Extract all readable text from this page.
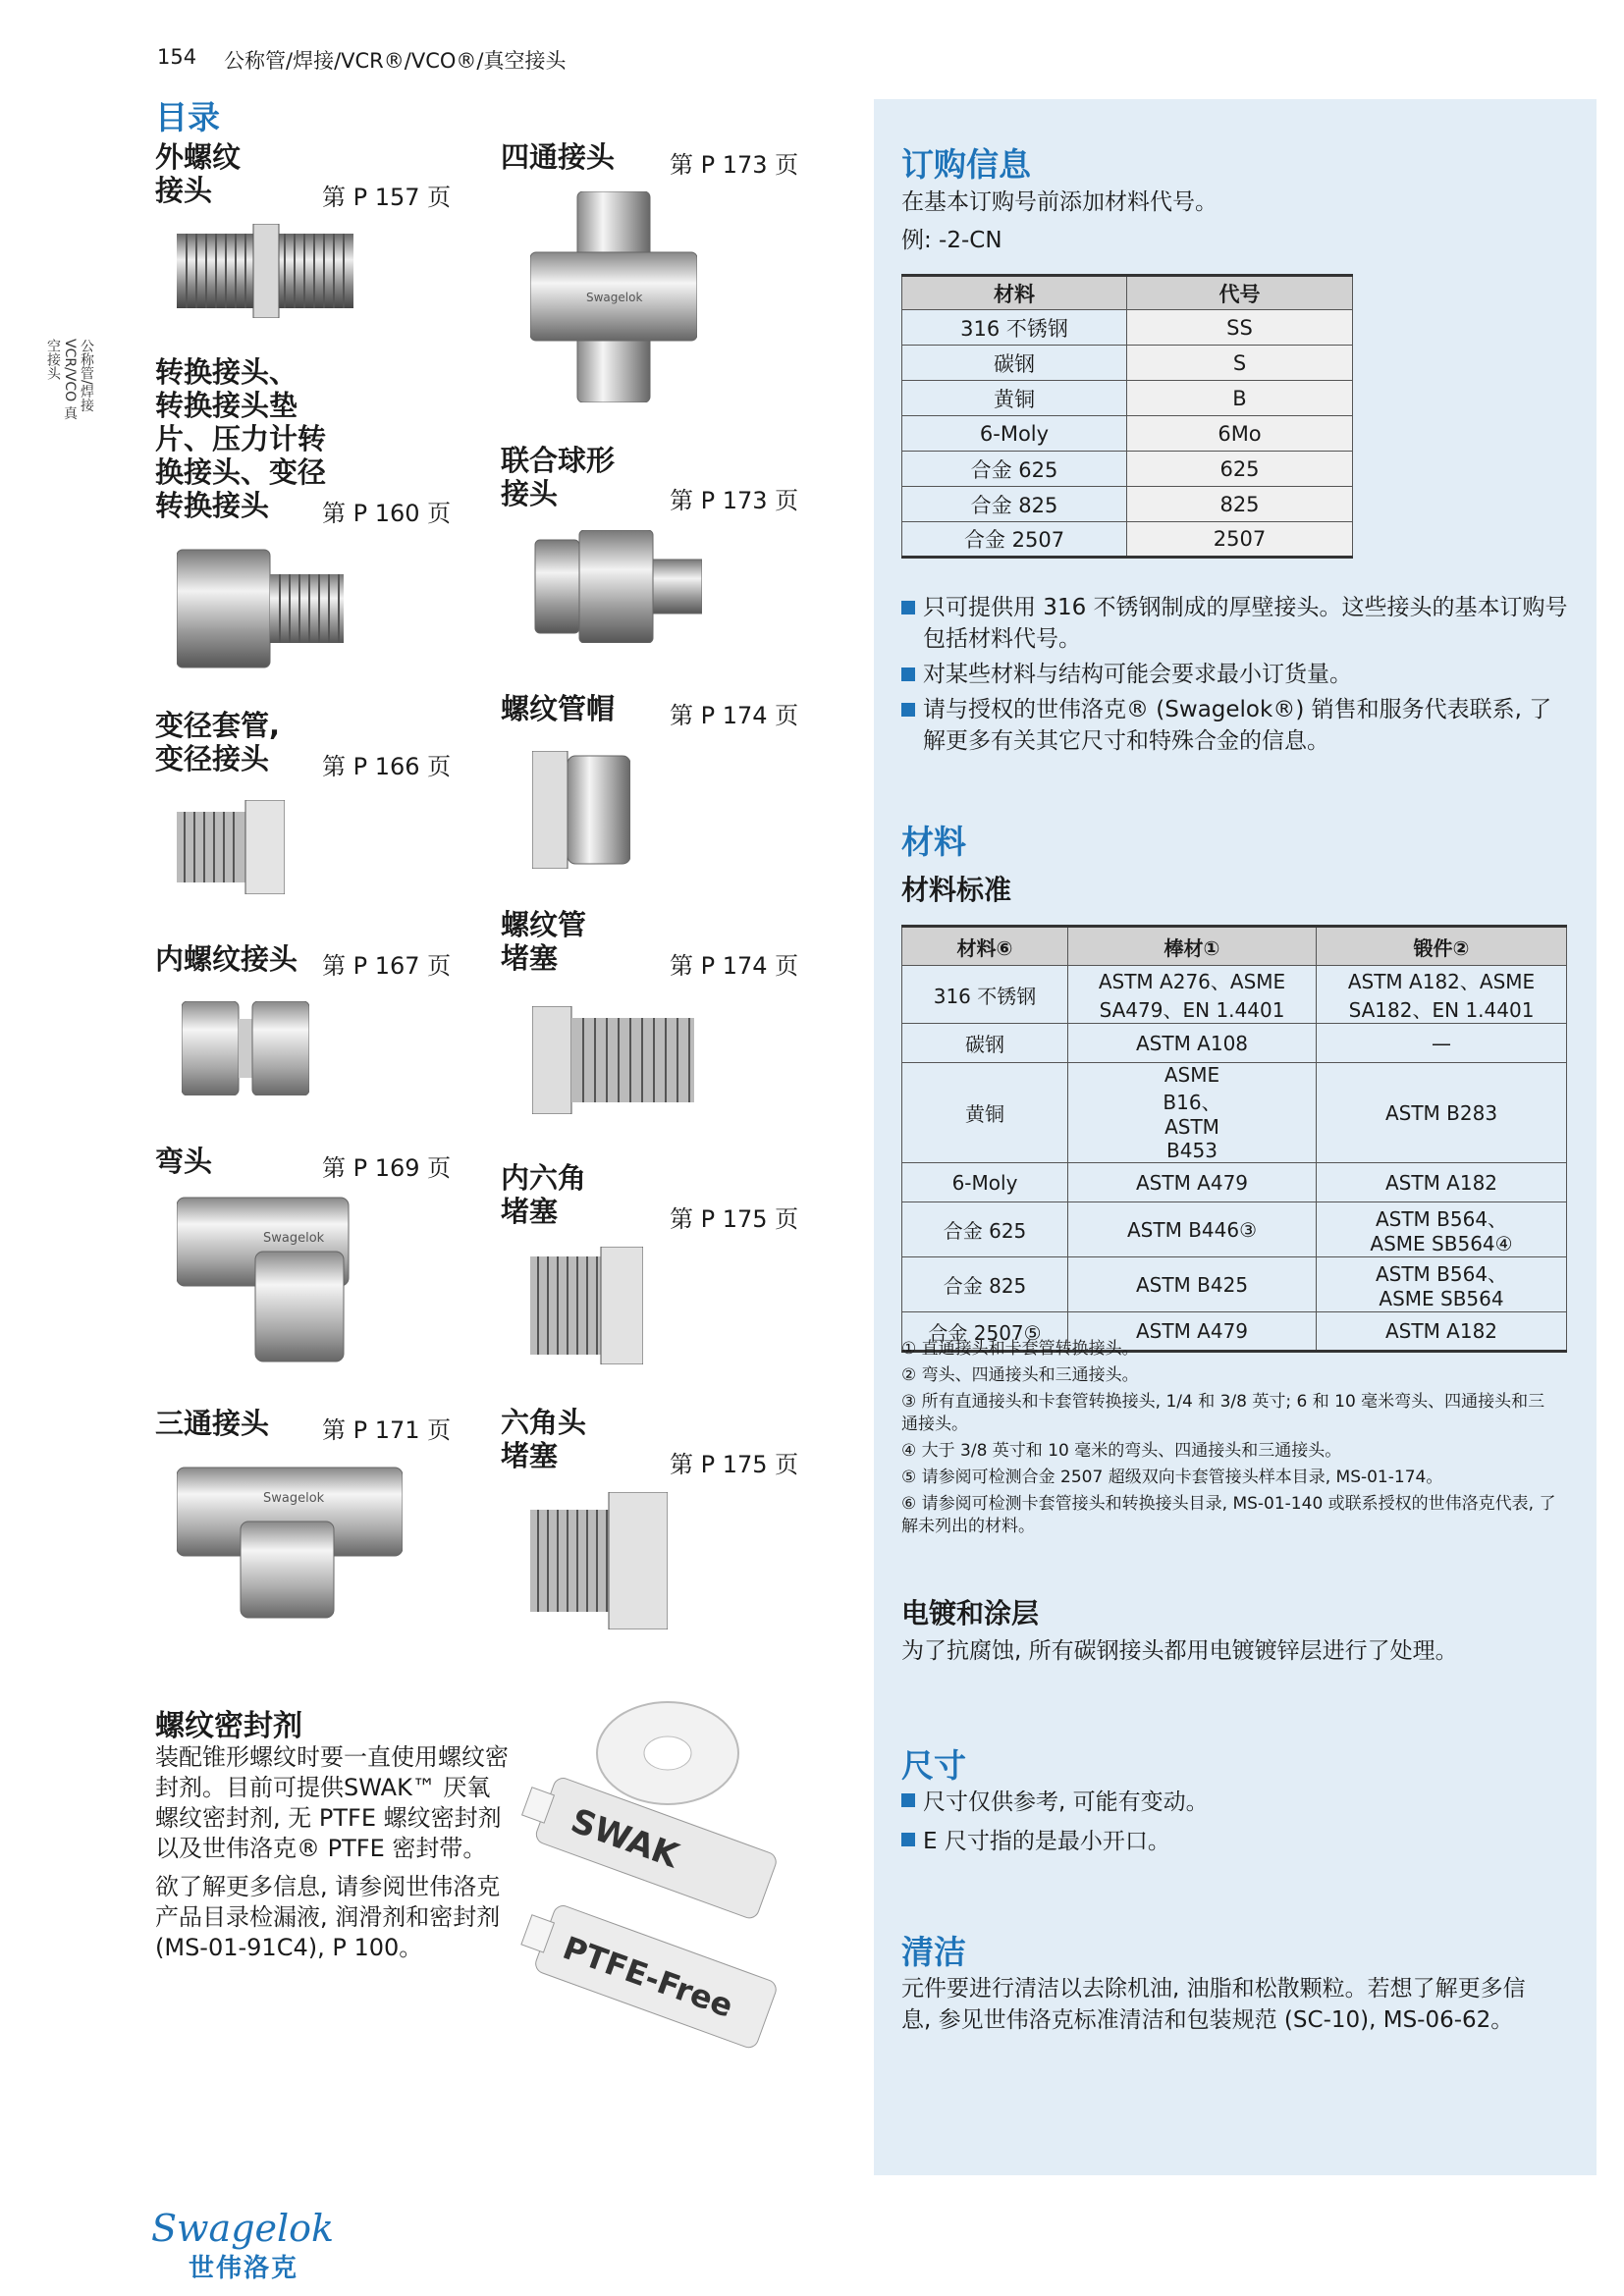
154 公称管/焊接/VCR®/VCO®/真空接头
公称管/焊接 VCR/VCO 真空接头
目录
外螺纹
接头	第 P 157 页
转换接头、
转换接头垫
片、压力计转
换接头、变径
转换接头	第 P 160 页
变径套管,
变径接头	第 P 166 页
内螺纹接头 第 P 167 页
弯头	第 P 169 页
Swagelok
三通接头 第 P 171 页
Swagelok
四通接头 第 P 173 页
Swagelok
联合球形
接头	第 P 173 页
螺纹管帽 第 P 174 页
螺纹管
堵塞	第 P 174 页
内六角
堵塞	第 P 175 页
六角头
堵塞	第 P 175 页
螺纹密封剂
装配锥形螺纹时要一直使用螺纹密封剂。目前可提供SWAK™ 厌氧螺纹密封剂, 无 PTFE 螺纹密封剂以及世伟洛克® PTFE 密封带。
欲了解更多信息, 请参阅世伟洛克产品目录检漏液, 润滑剂和密封剂 (MS-01-91C4), P 100。
SWAK
PTFE-Free
订购信息
在基本订购号前添加材料代号。
例: -2-CN
材料	代号
316 不锈钢	SS
碳钢	S
黄铜	B
6-Moly	6Mo
合金 625	625
合金 825	825
合金 2507	2507
只可提供用 316 不锈钢制成的厚壁接头。这些接头的基本订购号包括材料代号。
对某些材料与结构可能会要求最小订货量。
请与授权的世伟洛克® (Swagelok®) 销售和服务代表联系, 了解更多有关其它尺寸和特殊合金的信息。
材料
材料标准
材料⑥	棒材①	锻件②
316 不锈钢	ASTM A276、ASME SA479、EN 1.4401	ASTM A182、ASME SA182、EN 1.4401
碳钢	ASTM A108	—
黄铜	ASME B16、ASTM B453	ASTM B283
6-Moly	ASTM A479	ASTM A182
合金 625	ASTM B446③	ASTM B564、ASME SB564④
合金 825	ASTM B425	ASTM B564、ASME SB564
合金 2507⑤	ASTM A479	ASTM A182
① 直通接头和卡套管转换接头。
② 弯头、四通接头和三通接头。
③ 所有直通接头和卡套管转换接头, 1/4 和 3/8 英寸; 6 和 10 毫米弯头、四通接头和三通接头。
④ 大于 3/8 英寸和 10 毫米的弯头、四通接头和三通接头。
⑤ 请参阅可检测合金 2507 超级双向卡套管接头样本目录, MS-01-174。
⑥ 请参阅可检测卡套管接头和转换接头目录, MS-01-140 或联系授权的世伟洛克代表, 了解未列出的材料。
电镀和涂层
为了抗腐蚀, 所有碳钢接头都用电镀镀锌层进行了处理。
尺寸
尺寸仅供参考, 可能有变动。
E 尺寸指的是最小开口。
清洁
元件要进行清洁以去除机油, 油脂和松散颗粒。若想了解更多信息, 参见世伟洛克标准清洁和包装规范 (SC-10), MS-06-62。
Swagelok
世伟洛克
